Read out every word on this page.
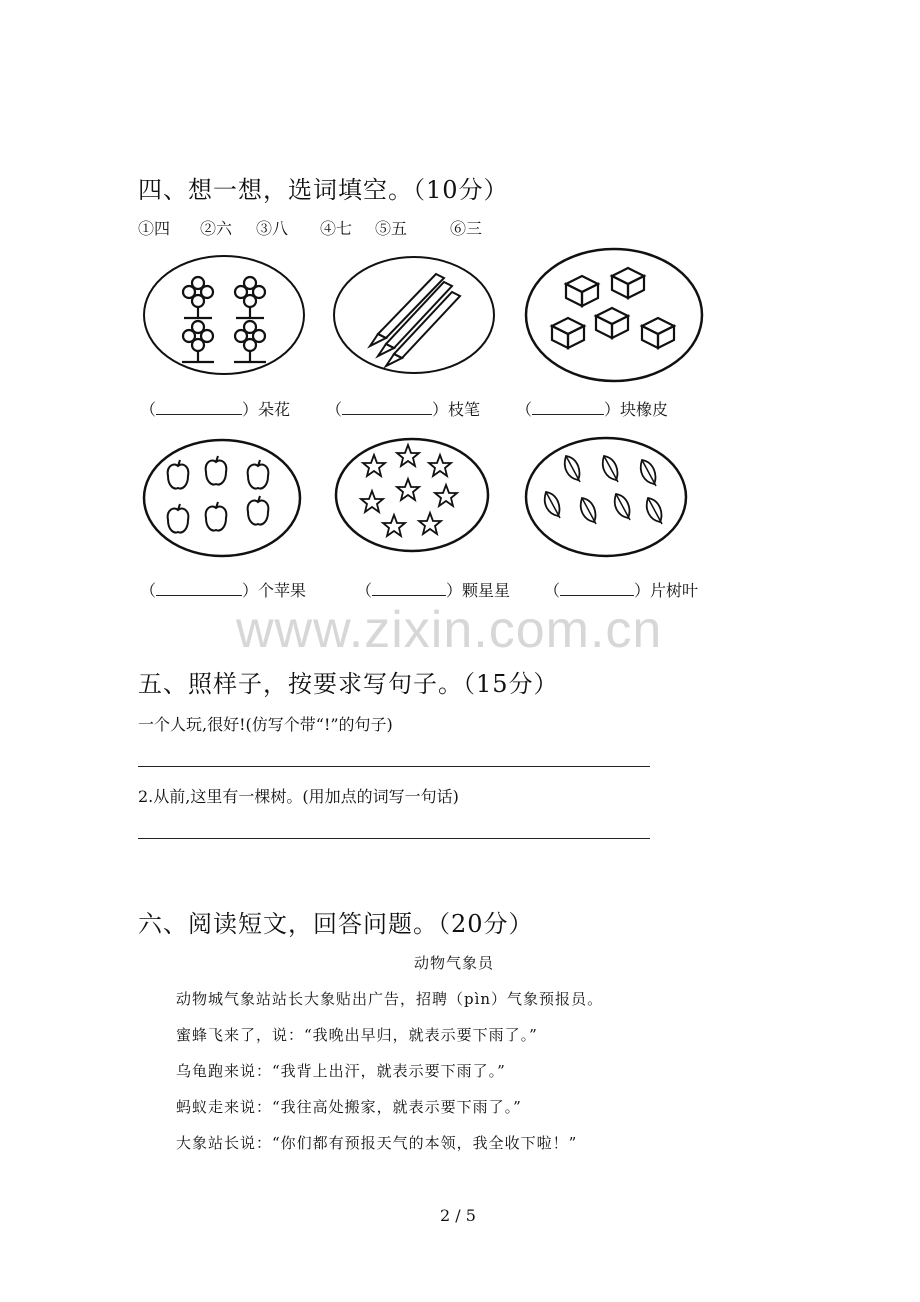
四、想一想，选词填空。（10分）
①四 ②六 ③八 ④七 ⑤五	⑥三
（	）朵花 （	）枝笔 （	）块橡皮
（	）个苹果	（	）颗星星 （	）片树叶
www.zixin.com.cn
五、照样子，按要求写句子。（15分）
一个人玩,很好!(仿写个带“!”的句子)
2.从前,这里有一棵树。(用加点的词写一句话)
六、阅读短文，回答问题。（20分）
动物气象员
动物城气象站站长大象贴出广告，招聘（pìn）气象预报员。
蜜蜂飞来了，说：“我晚出早归，就表示要下雨了。”
乌龟跑来说：“我背上出汗，就表示要下雨了。”
蚂蚁走来说：“我往高处搬家，就表示要下雨了。”
大象站长说：“你们都有预报天气的本领，我全收下啦！”
2 / 5
